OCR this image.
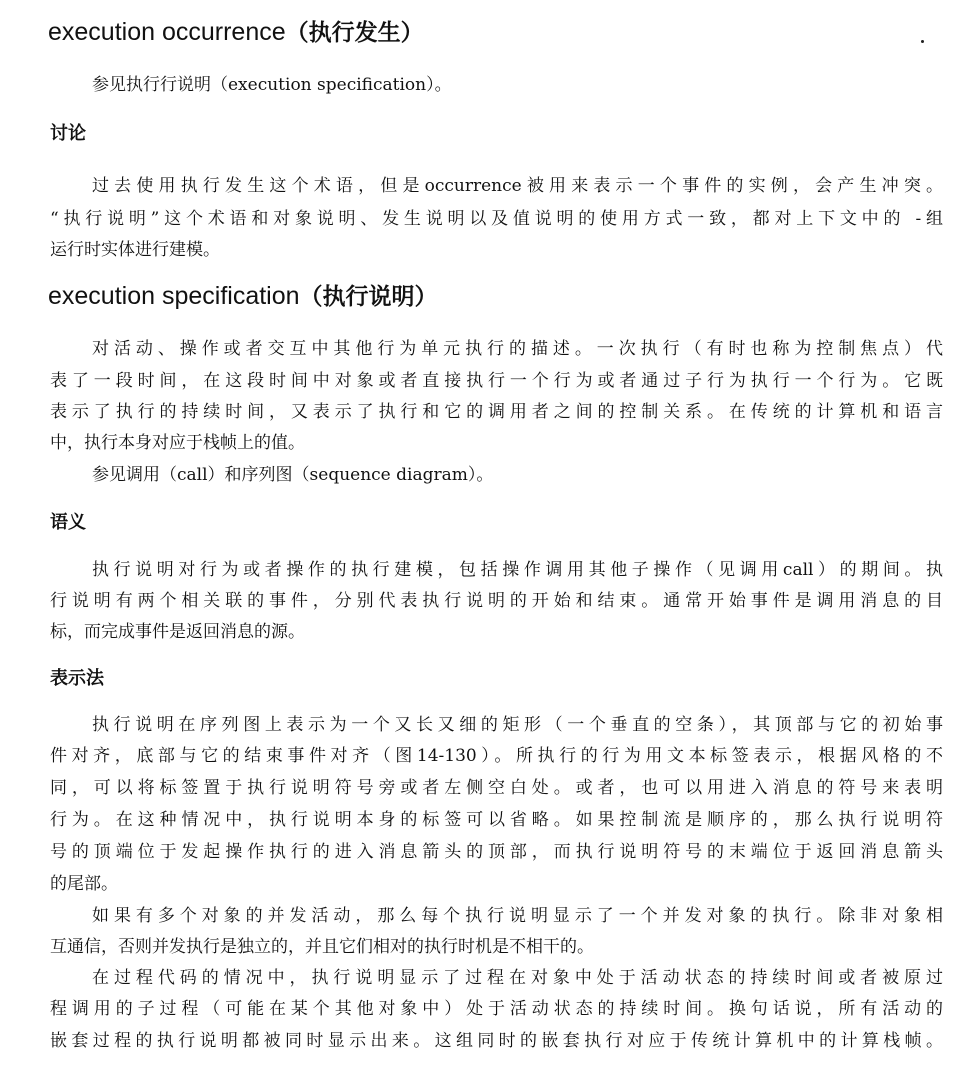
execution occurrence（执行发生）

参见执行行说明（execution specification）。

讨论

过去使用执行发生这个术语，但是occurrence被用来表示一个事件的实例，会产生冲突。

“执行说明”这个术语和对象说明、发生说明以及值说明的使用方式一致，都对上下文中的 -组

运行时实体进行建模。

execution specification（执行说明）

对活动、操作或者交互中其他行为单元执行的描述。一次执行（有时也称为控制焦点）代

表了一段时间，在这段时间中对象或者直接执行一个行为或者通过子行为执行一个行为。它既

表示了执行的持续时间，又表示了执行和它的调用者之间的控制关系。在传统的计算机和语言

中，执行本身对应于栈帧上的值。

参见调用（call）和序列图（sequence diagram）。

语义

执行说明对行为或者操作的执行建模，包括操作调用其他子操作（见调用call）的期间。执

行说明有两个相关联的事件，分别代表执行说明的开始和结束。通常开始事件是调用消息的目

标，而完成事件是返回消息的源。

表示法

执行说明在序列图上表示为一个又长又细的矩形（一个垂直的空条），其顶部与它的初始事

件对齐，底部与它的结束事件对齐（图14-130）。所执行的行为用文本标签表示，根据风格的不

同，可以将标签置于执行说明符号旁或者左侧空白处。或者，也可以用进入消息的符号来表明

行为。在这种情况中，执行说明本身的标签可以省略。如果控制流是顺序的，那么执行说明符

号的顶端位于发起操作执行的进入消息箭头的顶部，而执行说明符号的末端位于返回消息箭头

的尾部。

如果有多个对象的并发活动，那么每个执行说明显示了一个并发对象的执行。除非对象相

互通信，否则并发执行是独立的，并且它们相对的执行时机是不相干的。

在过程代码的情况中，执行说明显示了过程在对象中处于活动状态的持续时间或者被原过

程调用的子过程（可能在某个其他对象中）处于活动状态的持续时间。换句话说，所有活动的

嵌套过程的执行说明都被同时显示出来。这组同时的嵌套执行对应于传统计算机中的计算栈帧。
